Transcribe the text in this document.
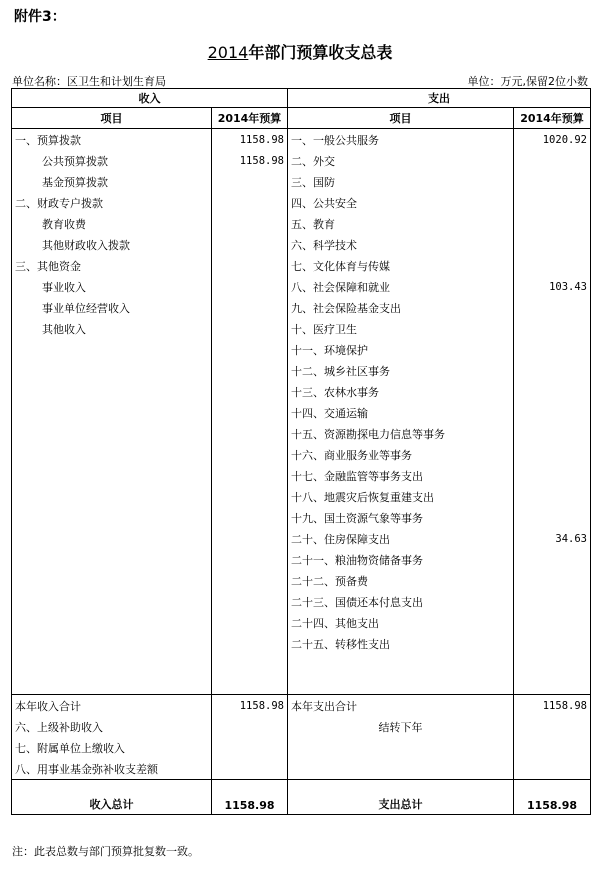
附件3：
2014年部门预算收支总表
单位名称：区卫生和计划生育局	单位：万元,保留2位小数
收入		支出	
项目	2014年预算	项目	2014年预算
一、预算拨款	1158.98	一、一般公共服务	1020.92
公共预算拨款	1158.98	二、外交	
基金预算拨款		三、国防	
二、财政专户拨款		四、公共安全	
教育收费		五、教育	
其他财政收入拨款		六、科学技术	
三、其他资金		七、文化体育与传媒	
事业收入		八、社会保障和就业	103.43
事业单位经营收入		九、社会保险基金支出	
其他收入		十、医疗卫生	
		十一、环境保护	
		十二、城乡社区事务	
		十三、农林水事务	
		十四、交通运输	
		十五、资源勘探电力信息等事务	
		十六、商业服务业等事务	
		十七、金融监管等事务支出	
		十八、地震灾后恢复重建支出	
		十九、国土资源气象等事务	
		二十、住房保障支出	34.63
		二十一、粮油物资储备事务	
		二十二、预备费	
		二十三、国债还本付息支出	
		二十四、其他支出	
		二十五、转移性支出	

本年收入合计	1158.98	本年支出合计	1158.98
六、上级补助收入		结转下年	
七、附属单位上缴收入			
八、用事业基金弥补收支差额			
收入总计	1158.98	支出总计	1158.98
注：此表总数与部门预算批复数一致。
